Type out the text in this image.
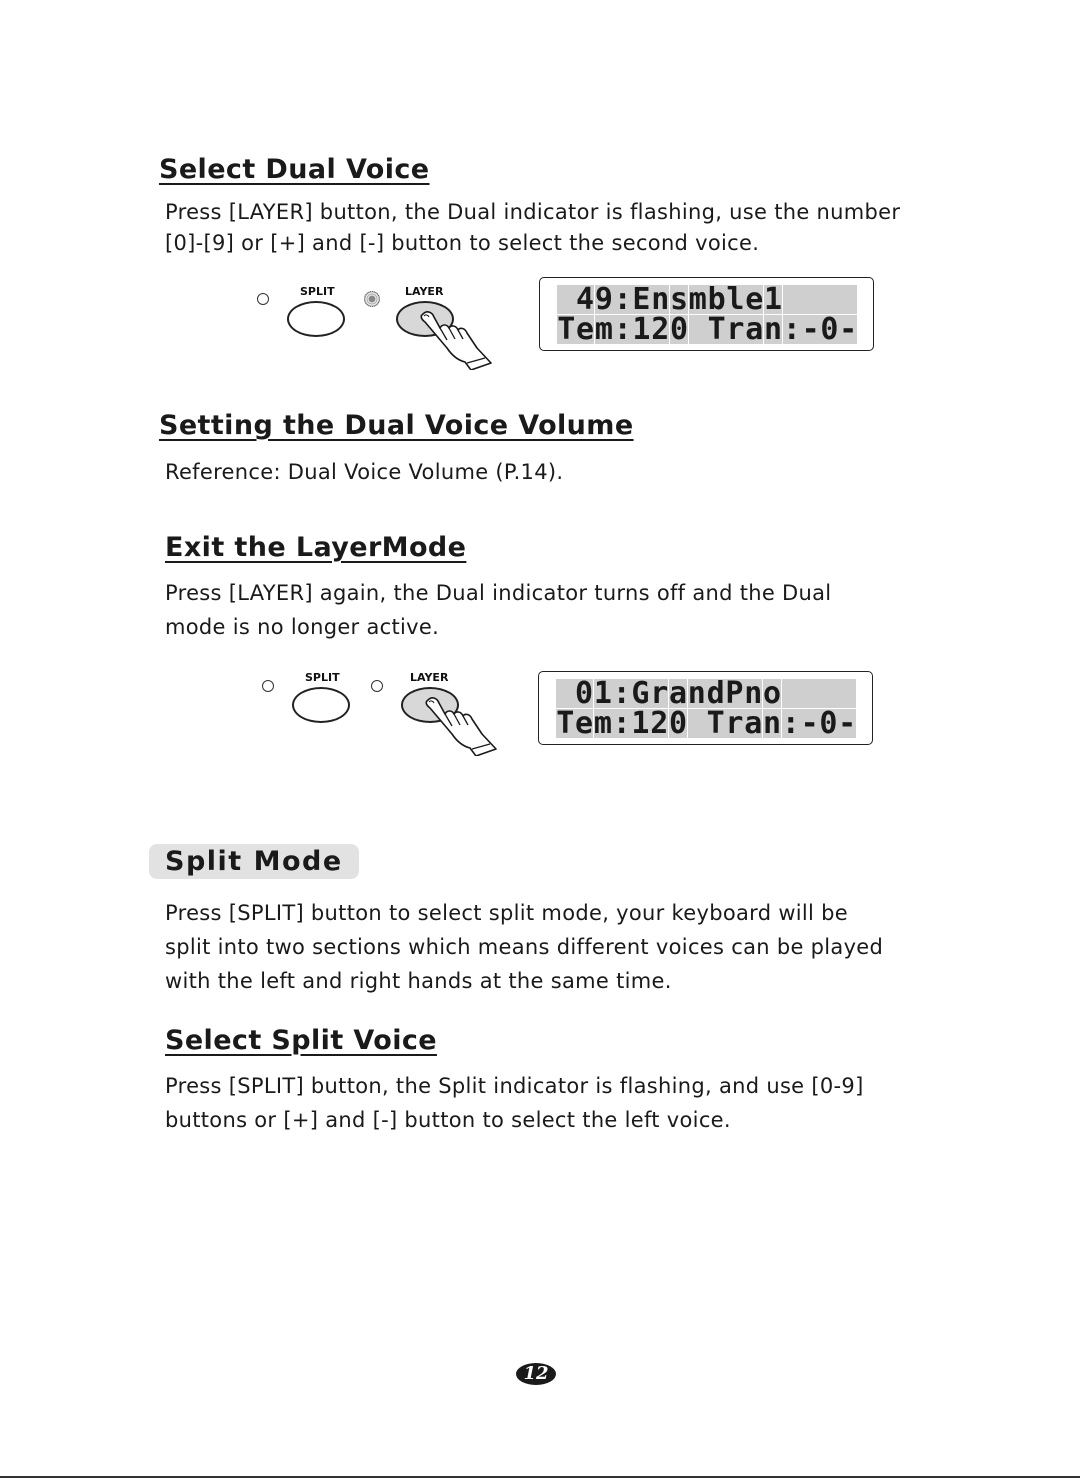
Select Dual Voice

Press [LAYER] button, the Dual indicator is flashing, use the number

[0]-[9] or [+] and [-] button to select the second voice.

SPLIT	LAYER
	4 9 : E n s m b l e 1

T e m : 1 2 0
T r a n : - 0 -
Setting the Dual Voice Volume

Reference: Dual Voice Volume (P.14).

Exit the LayerMode

Press [LAYER] again, the Dual indicator turns off and the Dual

mode is no longer active.

SPLIT	LAYER
	0 1 : G r a n d P n o

T e m : 1 2 0
T r a n : - 0 -
Split Mode

Press [SPLIT] button to select split mode, your keyboard will be

split into two sections which means different voices can be played

with the left and right hands at the same time.

Select Split Voice

Press [SPLIT] button, the Split indicator is flashing, and use [0-9]

buttons or [+] and [-] button to select the left voice.

12
